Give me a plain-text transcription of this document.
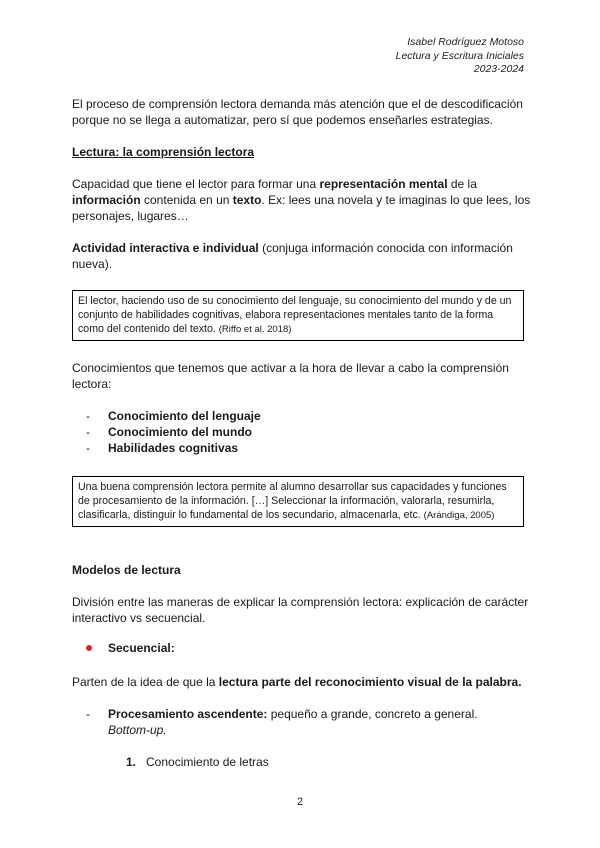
Isabel Rodríguez Motoso
Lectura y Escritura Iniciales
2023-2024

El proceso de comprensión lectora demanda más atención que el de descodificación porque no se llega a automatizar, pero sí que podemos enseñarles estrategias.

Lectura: la comprensión lectora

Capacidad que tiene el lector para formar una representación mental de la información contenida en un texto. Ex: lees una novela y te imaginas lo que lees, los personajes, lugares…

Actividad interactiva e individual (conjuga información conocida con información nueva).

El lector, haciendo uso de su conocimiento del lenguaje, su conocimiento del mundo y de un conjunto de habilidades cognitivas, elabora representaciones mentales tanto de la forma como del contenido del texto. (Riffo et al. 2018)

Conocimientos que tenemos que activar a la hora de llevar a cabo la comprensión lectora:

-	Conocimiento del lenguaje
-	Conocimiento del mundo
-	Habilidades cognitivas
Una buena comprensión lectora permite al alumno desarrollar sus capacidades y funciones de procesamiento de la información. […] Seleccionar la información, valorarla, resumirla, clasificarla, distinguir lo fundamental de los secundario, almacenarla, etc. (Arándiga, 2005)

Modelos de lectura

División entre las maneras de explicar la comprensión lectora: explicación de carácter interactivo vs secuencial.

Secuencial:

Parten de la idea de que la lectura parte del reconocimiento visual de la palabra.

-	Procesamiento ascendente: pequeño a grande, concreto a general.
Bottom-up.
1. Conocimiento de letras
2
